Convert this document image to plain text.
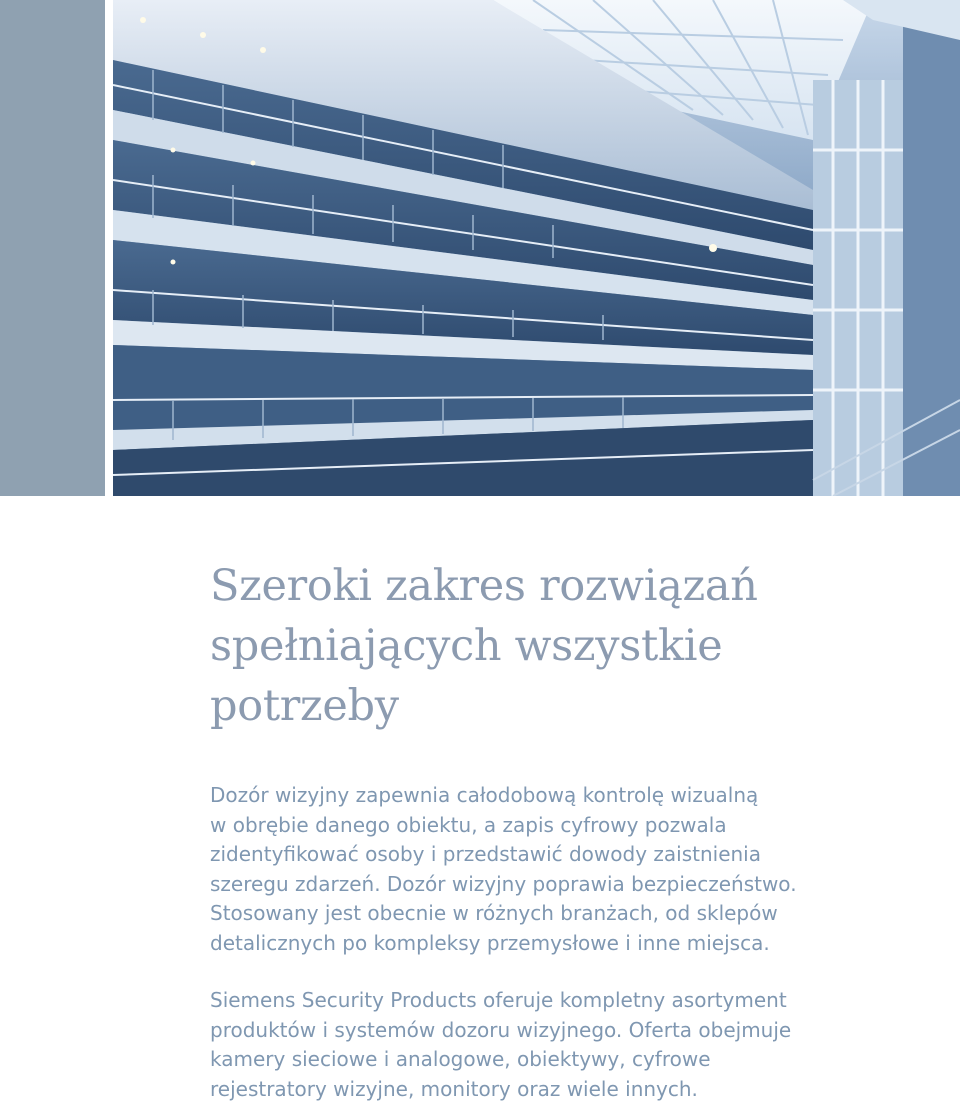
Szeroki zakres rozwiązań
spełniających wszystkie
potrzeby

Dozór wizyjny zapewnia całodobową kontrolę wizualną
w obrębie danego obiektu, a zapis cyfrowy pozwala
zidentyfikować osoby i przedstawić dowody zaistnienia
szeregu zdarzeń. Dozór wizyjny poprawia bezpieczeństwo.
Stosowany jest obecnie w różnych branżach, od sklepów
detalicznych po kompleksy przemysłowe i inne miejsca.

Siemens Security Products oferuje kompletny asortyment
produktów i systemów dozoru wizyjnego. Oferta obejmuje
kamery sieciowe i analogowe, obiektywy, cyfrowe
rejestratory wizyjne, monitory oraz wiele innych.
